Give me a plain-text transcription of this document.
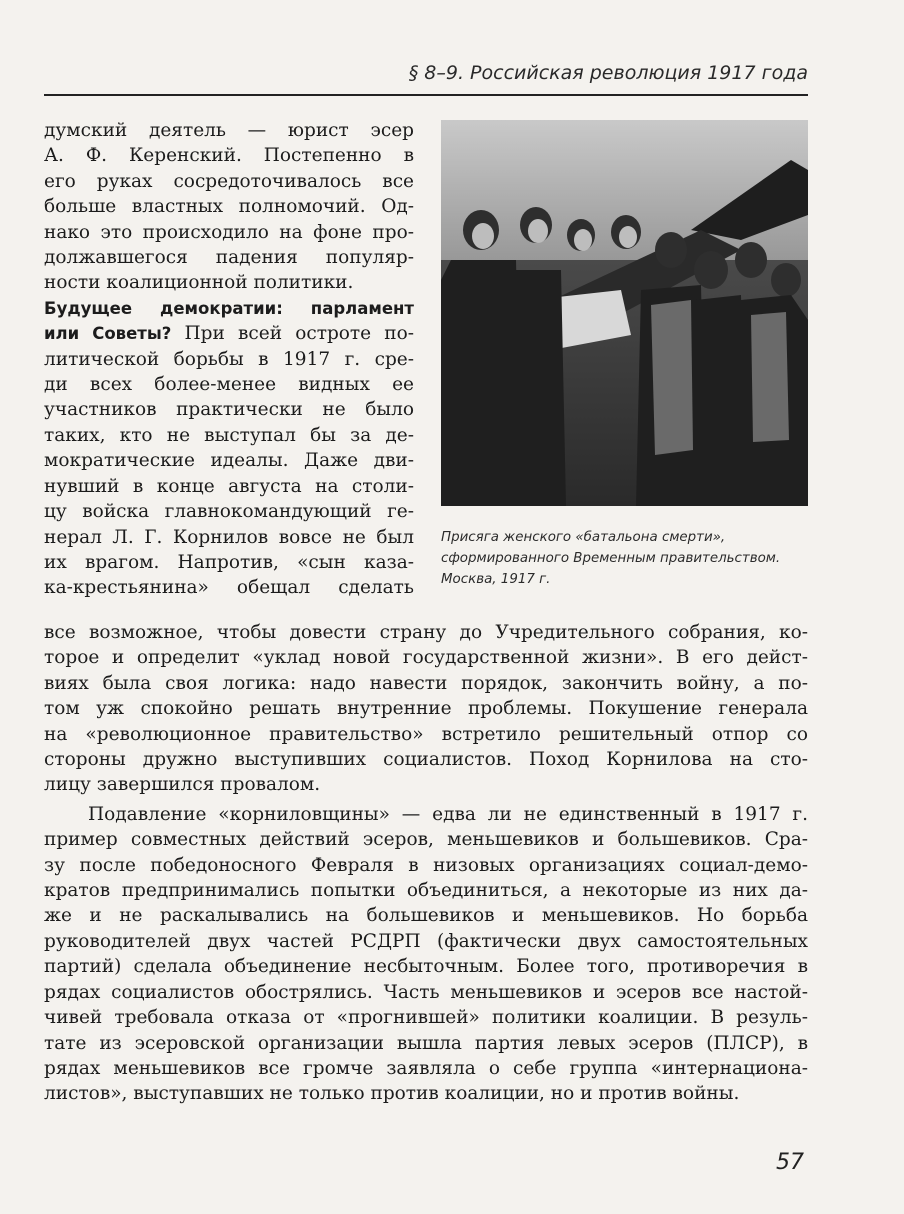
§ 8–9. Российская революция 1917 года
думский деятель — юрист эсер
А. Ф. Керенский. Постепенно в
его руках сосредоточивалось все
больше властных полномочий. Од-
нако это происходило на фоне про-
должавшегося падения популяр-
ности коалиционной политики.
Будущее демократии: парламент
или Советы? При всей остроте по-
литической борьбы в 1917 г. сре-
ди всех более-менее видных ее
участников практически не было
таких, кто не выступал бы за де-
мократические идеалы. Даже дви-
нувший в конце августа на столи-
цу войска главнокомандующий ге-
нерал Л. Г. Корнилов вовсе не был
их врагом. Напротив, «сын каза-
ка-крестьянина» обещал сделать
Присяга женского «батальона смерти»,
сформированного Временным правительством.
Москва, 1917 г.
все возможное, чтобы довести страну до Учредительного собрания, ко-
торое и определит «уклад новой государственной жизни». В его дейст-
виях была своя логика: надо навести порядок, закончить войну, а по-
том уж спокойно решать внутренние проблемы. Покушение генерала
на «революционное правительство» встретило решительный отпор со
стороны дружно выступивших социалистов. Поход Корнилова на сто-
лицу завершился провалом.
Подавление «корниловщины» — едва ли не единственный в 1917 г.
пример совместных действий эсеров, меньшевиков и большевиков. Сра-
зу после победоносного Февраля в низовых организациях социал-демо-
кратов предпринимались попытки объединиться, а некоторые из них да-
же и не раскалывались на большевиков и меньшевиков. Но борьба
руководителей двух частей РСДРП (фактически двух самостоятельных
партий) сделала объединение несбыточным. Более того, противоречия в
рядах социалистов обострялись. Часть меньшевиков и эсеров все настой-
чивей требовала отказа от «прогнившей» политики коалиции. В резуль-
тате из эсеровской организации вышла партия левых эсеров (ПЛСР), в
рядах меньшевиков все громче заявляла о себе группа «интернациона-
листов», выступавших не только против коалиции, но и против войны.
57
